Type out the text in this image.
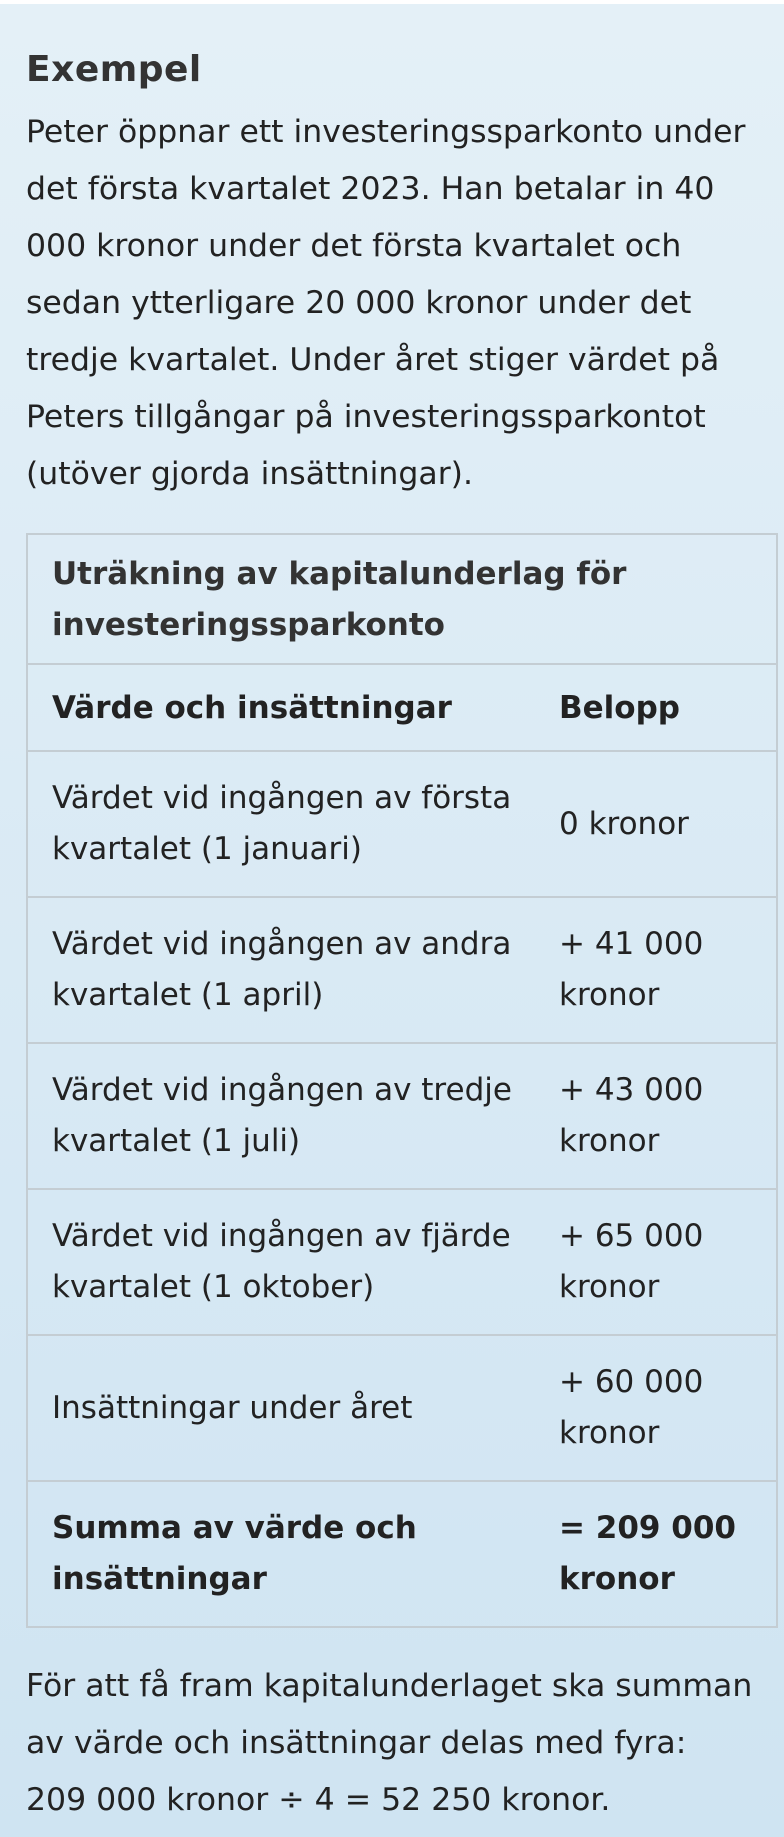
Exempel

Peter öppnar ett investeringssparkonto under det första kvartalet 2023. Han betalar in 40 000 kronor under det första kvartalet och sedan ytterligare 20 000 kronor under det tredje kvartalet. Under året stiger värdet på Peters tillgångar på investeringssparkontot (utöver gjorda insättningar).

Uträkning av kapitalunderlag för investeringssparkonto
Värde och insättningar	Belopp
Värdet vid ingången av första kvartalet (1 januari)	0 kronor
Värdet vid ingången av andra kvartalet (1 april)	+ 41 000 kronor
Värdet vid ingången av tredje kvartalet (1 juli)	+ 43 000 kronor
Värdet vid ingången av fjärde kvartalet (1 oktober)	+ 65 000 kronor
Insättningar under året	+ 60 000 kronor
Summa av värde och insättningar	= 209 000 kronor

För att få fram kapitalunderlaget ska summan av värde och insättningar delas med fyra:

209 000 kronor ÷ 4 = 52 250 kronor.
